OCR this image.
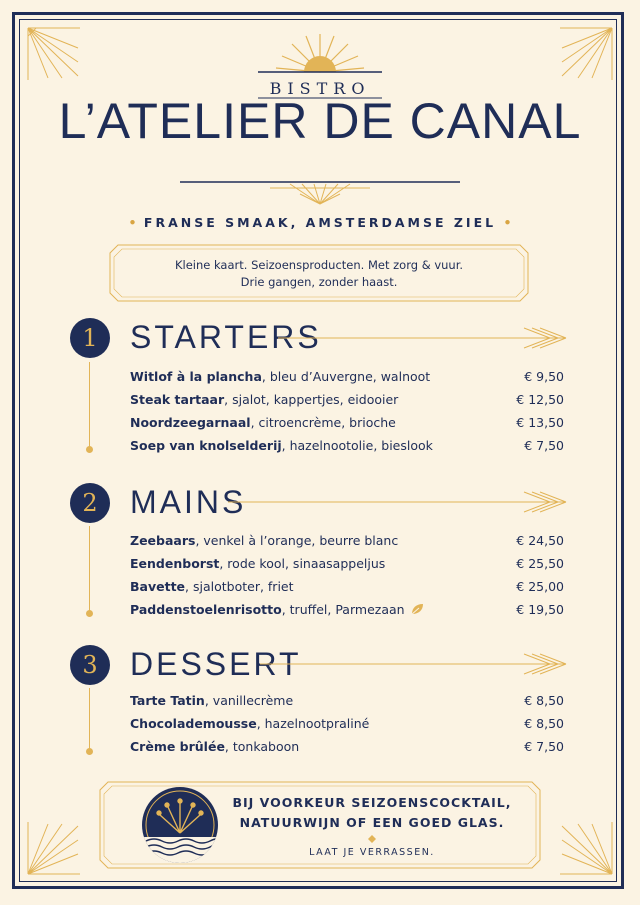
BISTRO
L’ATELIER DE CANAL
• FRANSE SMAAK, AMSTERDAMSE ZIEL •
Kleine kaart. Seizoensproducten. Met zorg & vuur.
Drie gangen, zonder haast.
1	STARTERS
Witlof à la plancha, bleu d’Auvergne, walnoot	€ 9,50
Steak tartaar, sjalot, kappertjes, eidooier	€ 12,50
Noordzeegarnaal, citroencrème, brioche	€ 13,50
Soep van knolselderij, hazelnootolie, bieslook	€ 7,50
2	MAINS
Zeebaars, venkel à l’orange, beurre blanc	€ 24,50
Eendenborst, rode kool, sinaasappeljus	€ 25,50
Bavette, sjalotboter, friet	€ 25,00
Paddenstoelenrisotto, truffel, Parmezaan	€ 19,50
3	DESSERT
Tarte Tatin, vanillecrème	€ 8,50
Chocolademousse, hazelnootpraliné	€ 8,50
Crème brûlée, tonkaboon	€ 7,50
BIJ VOORKEUR SEIZOENSCOCKTAIL,
NATUURWIJN OF EEN GOED GLAS.
LAAT JE VERRASSEN.
